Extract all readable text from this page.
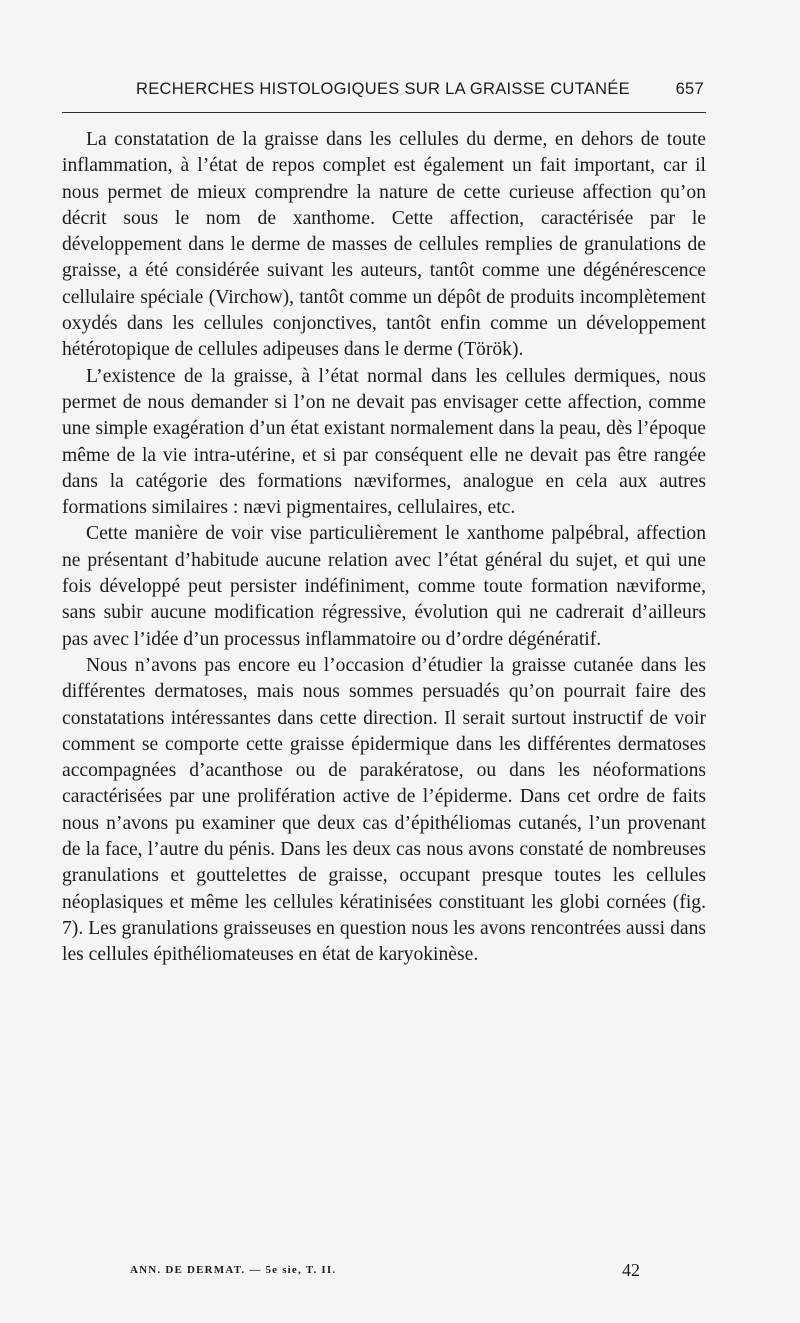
RECHERCHES HISTOLOGIQUES SUR LA GRAISSE CUTANÉE	657

La constatation de la graisse dans les cellules du derme, en dehors de toute inflammation, à l’état de repos complet est également un fait important, car il nous permet de mieux comprendre la nature de cette curieuse affection qu’on décrit sous le nom de xanthome. Cette affection, caractérisée par le développement dans le derme de masses de cellules remplies de granulations de graisse, a été considérée suivant les auteurs, tantôt comme une dégénérescence cellulaire spéciale (Virchow), tantôt comme un dépôt de produits incomplètement oxydés dans les cellules conjonctives, tantôt enfin comme un développement hétérotopique de cellules adipeuses dans le derme (Török).

L’existence de la graisse, à l’état normal dans les cellules dermiques, nous permet de nous demander si l’on ne devait pas envisager cette affection, comme une simple exagération d’un état existant normalement dans la peau, dès l’époque même de la vie intra-utérine, et si par conséquent elle ne devait pas être rangée dans la catégorie des formations næviformes, analogue en cela aux autres formations similaires : nævi pigmentaires, cellulaires, etc.

Cette manière de voir vise particulièrement le xanthome palpébral, affection ne présentant d’habitude aucune relation avec l’état général du sujet, et qui une fois développé peut persister indéfiniment, comme toute formation næviforme, sans subir aucune modification régressive, évolution qui ne cadrerait d’ailleurs pas avec l’idée d’un processus inflammatoire ou d’ordre dégénératif.

Nous n’avons pas encore eu l’occasion d’étudier la graisse cutanée dans les différentes dermatoses, mais nous sommes persuadés qu’on pourrait faire des constatations intéressantes dans cette direction. Il serait surtout instructif de voir comment se comporte cette graisse épidermique dans les différentes dermatoses accompagnées d’acanthose ou de parakératose, ou dans les néoformations caractérisées par une prolifération active de l’épiderme. Dans cet ordre de faits nous n’avons pu examiner que deux cas d’épithéliomas cutanés, l’un provenant de la face, l’autre du pénis. Dans les deux cas nous avons constaté de nombreuses granulations et gouttelettes de graisse, occupant presque toutes les cellules néoplasiques et même les cellules kératinisées constituant les globi cornées (fig. 7). Les granulations graisseuses en question nous les avons rencontrées aussi dans les cellules épithéliomateuses en état de karyokinèse.

ANN. DE DERMAT. — 5e sie, T. II.	42
